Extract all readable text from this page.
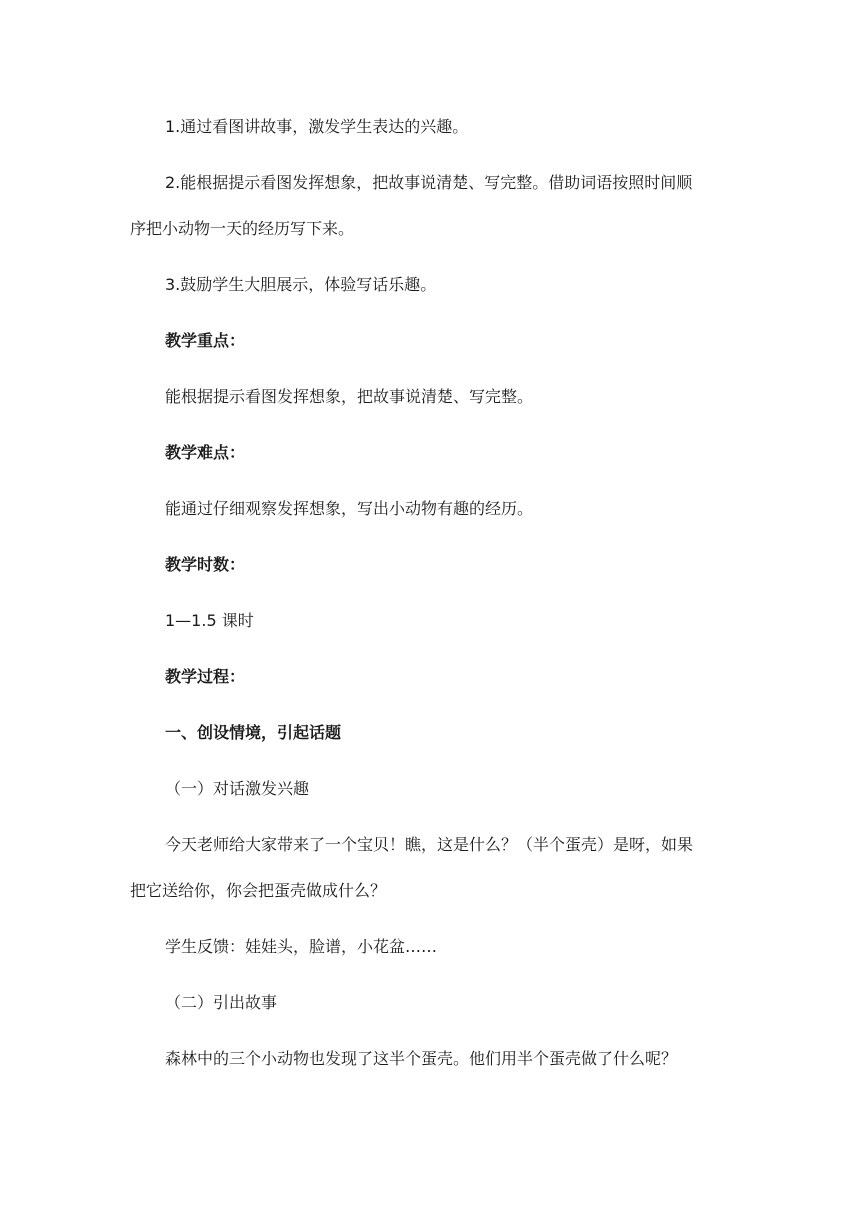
1.通过看图讲故事，激发学生表达的兴趣。

2.能根据提示看图发挥想象，把故事说清楚、写完整。借助词语按照时间顺

序把小动物一天的经历写下来。

3.鼓励学生大胆展示，体验写话乐趣。

教学重点：

能根据提示看图发挥想象，把故事说清楚、写完整。

教学难点：

能通过仔细观察发挥想象，写出小动物有趣的经历。

教学时数：

1—1.5 课时

教学过程：

一、创设情境，引起话题

（一）对话激发兴趣

今天老师给大家带来了一个宝贝！瞧，这是什么？（半个蛋壳）是呀，如果

把它送给你，你会把蛋壳做成什么？

学生反馈：娃娃头，脸谱，小花盆……

（二）引出故事

森林中的三个小动物也发现了这半个蛋壳。他们用半个蛋壳做了什么呢？
